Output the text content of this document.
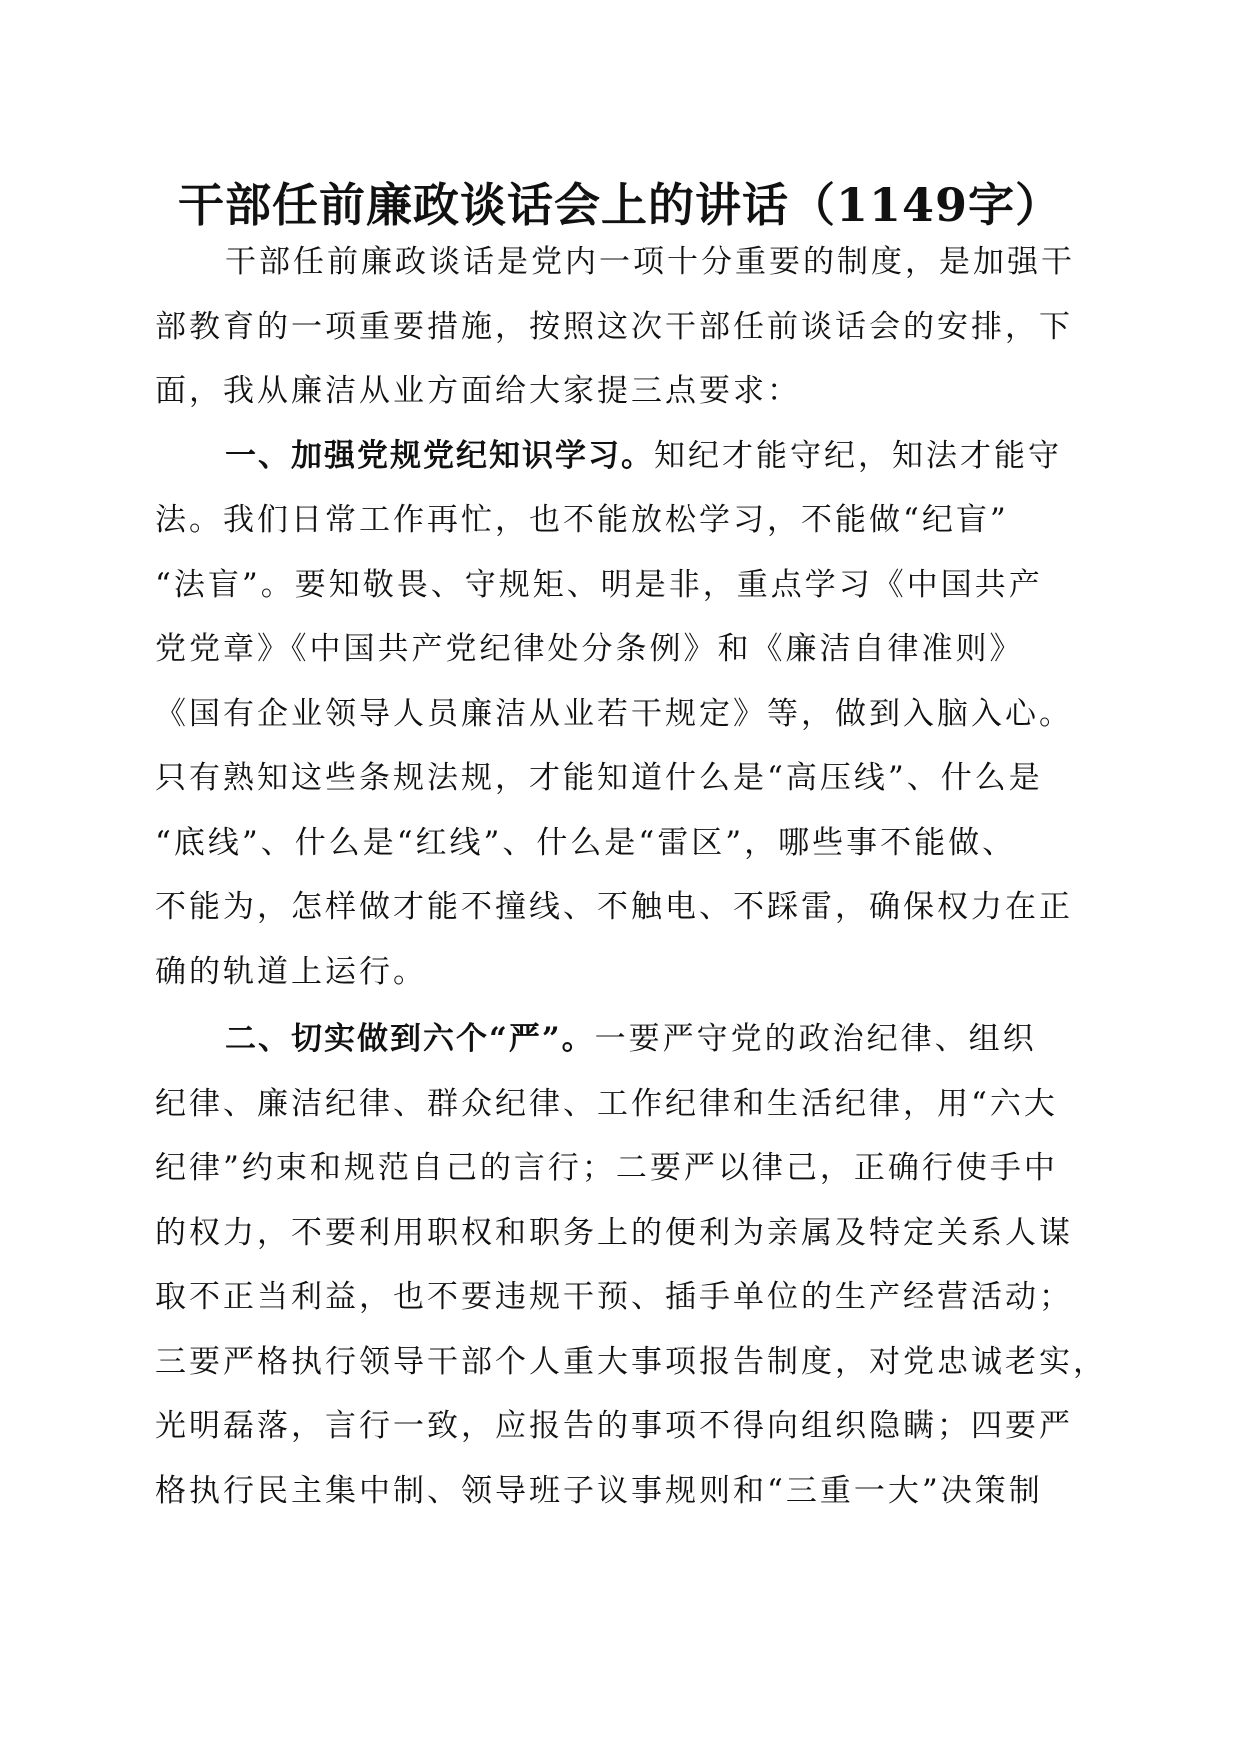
干部任前廉政谈话会上的讲话（1149字）
干部任前廉政谈话是党内一项十分重要的制度，是加强干
部教育的一项重要措施，按照这次干部任前谈话会的安排，下
面，我从廉洁从业方面给大家提三点要求：
一、加强党规党纪知识学习。知纪才能守纪，知法才能守
法。我们日常工作再忙，也不能放松学习，不能做“纪盲”
“法盲”。要知敬畏、守规矩、明是非，重点学习《中国共产
党党章》《中国共产党纪律处分条例》和《廉洁自律准则》
《国有企业领导人员廉洁从业若干规定》等，做到入脑入心。
只有熟知这些条规法规，才能知道什么是“高压线”、什么是
“底线”、什么是“红线”、什么是“雷区”，哪些事不能做、
不能为，怎样做才能不撞线、不触电、不踩雷，确保权力在正
确的轨道上运行。
二、切实做到六个“严”。一要严守党的政治纪律、组织
纪律、廉洁纪律、群众纪律、工作纪律和生活纪律，用“六大
纪律”约束和规范自己的言行；二要严以律己，正确行使手中
的权力，不要利用职权和职务上的便利为亲属及特定关系人谋
取不正当利益，也不要违规干预、插手单位的生产经营活动；
三要严格执行领导干部个人重大事项报告制度，对党忠诚老实，
光明磊落，言行一致，应报告的事项不得向组织隐瞒；四要严
格执行民主集中制、领导班子议事规则和“三重一大”决策制
